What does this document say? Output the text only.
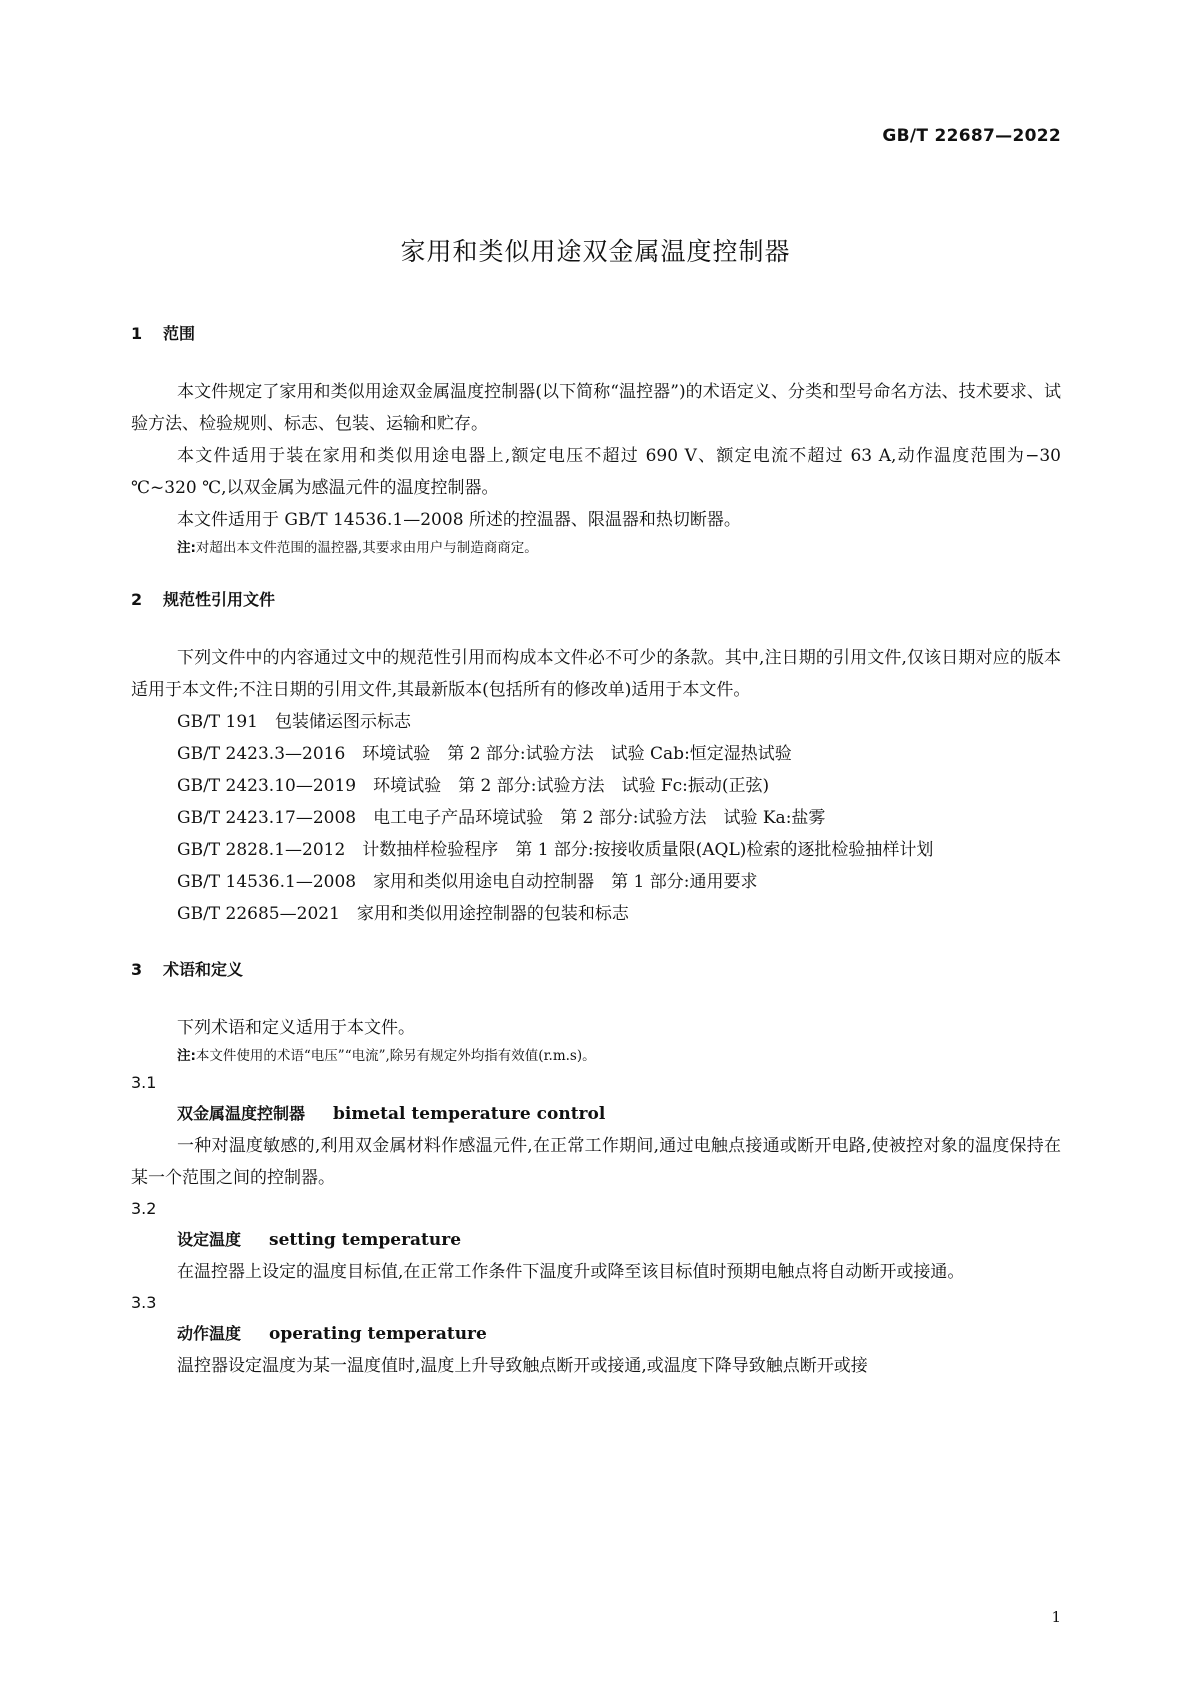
GB/T 22687—2022
家用和类似用途双金属温度控制器
1 范围

本文件规定了家用和类似用途双金属温度控制器(以下简称“温控器”)的术语定义、分类和型号命名方法、技术要求、试验方法、检验规则、标志、包装、运输和贮存。

本文件适用于装在家用和类似用途电器上,额定电压不超过 690 V、额定电流不超过 63 A,动作温度范围为−30 ℃~320 ℃,以双金属为感温元件的温度控制器。

本文件适用于 GB/T 14536.1—2008 所述的控温器、限温器和热切断器。

注:对超出本文件范围的温控器,其要求由用户与制造商商定。

2 规范性引用文件

下列文件中的内容通过文中的规范性引用而构成本文件必不可少的条款。其中,注日期的引用文件,仅该日期对应的版本适用于本文件;不注日期的引用文件,其最新版本(包括所有的修改单)适用于本文件。

GB/T 191　包装储运图示标志

GB/T 2423.3—2016　环境试验　第 2 部分:试验方法　试验 Cab:恒定湿热试验

GB/T 2423.10—2019　环境试验　第 2 部分:试验方法　试验 Fc:振动(正弦)

GB/T 2423.17—2008　电工电子产品环境试验　第 2 部分:试验方法　试验 Ka:盐雾

GB/T 2828.1—2012　计数抽样检验程序　第 1 部分:按接收质量限(AQL)检索的逐批检验抽样计划

GB/T 14536.1—2008　家用和类似用途电自动控制器　第 1 部分:通用要求

GB/T 22685—2021　家用和类似用途控制器的包装和标志

3 术语和定义

下列术语和定义适用于本文件。

注:本文件使用的术语“电压”“电流”,除另有规定外均指有效值(r.m.s)。

3.1

双金属温度控制器 bimetal temperature control

一种对温度敏感的,利用双金属材料作感温元件,在正常工作期间,通过电触点接通或断开电路,使被控对象的温度保持在某一个范围之间的控制器。

3.2

设定温度 setting temperature

在温控器上设定的温度目标值,在正常工作条件下温度升或降至该目标值时预期电触点将自动断开或接通。

3.3

动作温度 operating temperature

温控器设定温度为某一温度值时,温度上升导致触点断开或接通,或温度下降导致触点断开或接

1
